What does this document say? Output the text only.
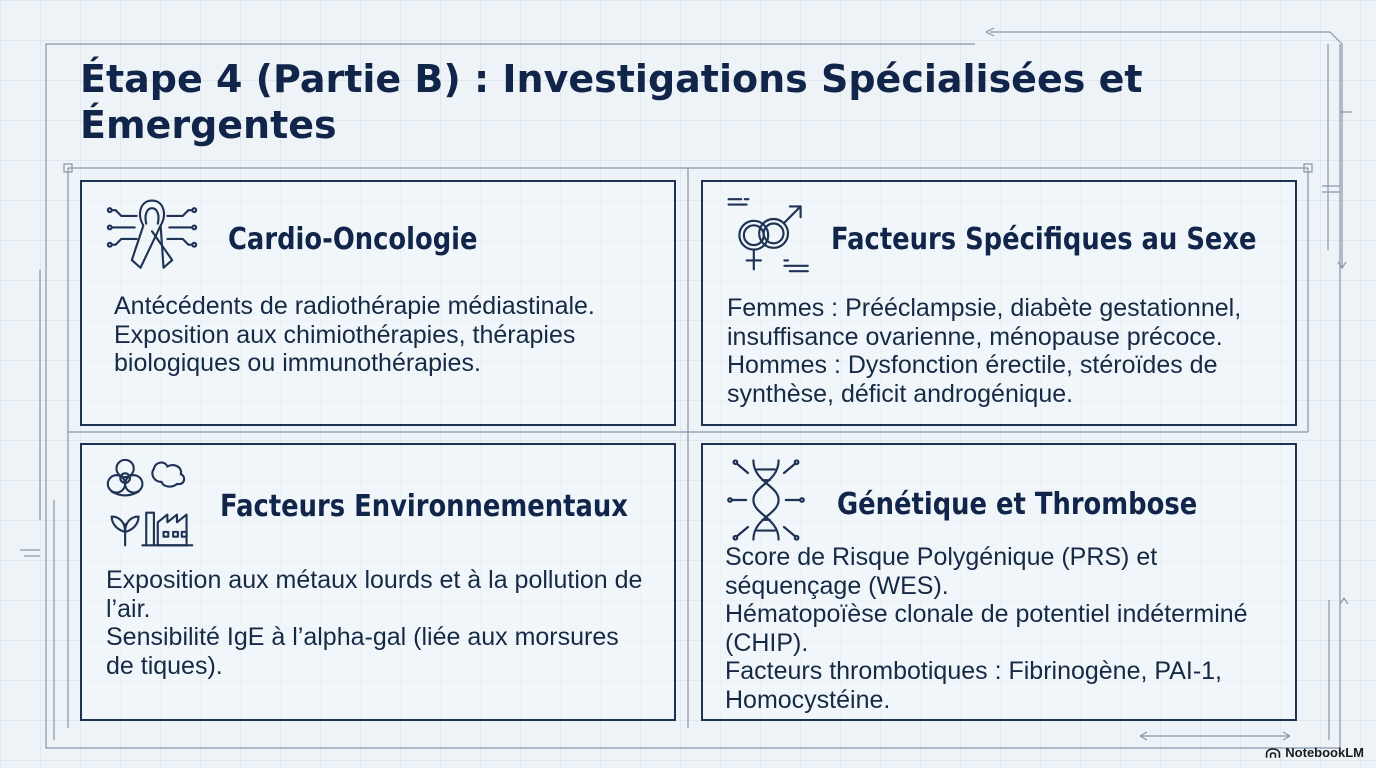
Étape 4 (Partie B) : Investigations Spécialisées et Émergentes
Cardio-Oncologie

Antécédents de radiothérapie médiastinale.

Exposition aux chimiothérapies, thérapies biologiques ou immunothérapies.

Facteurs Spécifiques au Sexe

Femmes : Prééclampsie, diabète gestationnel, insuffisance ovarienne, ménopause précoce.

Hommes : Dysfonction érectile, stéroïdes de synthèse, déficit androgénique.

Facteurs Environnementaux

Exposition aux métaux lourds et à la pollution de l’air.

Sensibilité IgE à l’alpha-gal (liée aux morsures de tiques).

Génétique et Thrombose

Score de Risque Polygénique (PRS) et séquençage (WES).

Hématopoïèse clonale de potentiel indéterminé (CHIP).

Facteurs thrombotiques : Fibrinogène, PAI-1, Homocystéine.

NotebookLM
